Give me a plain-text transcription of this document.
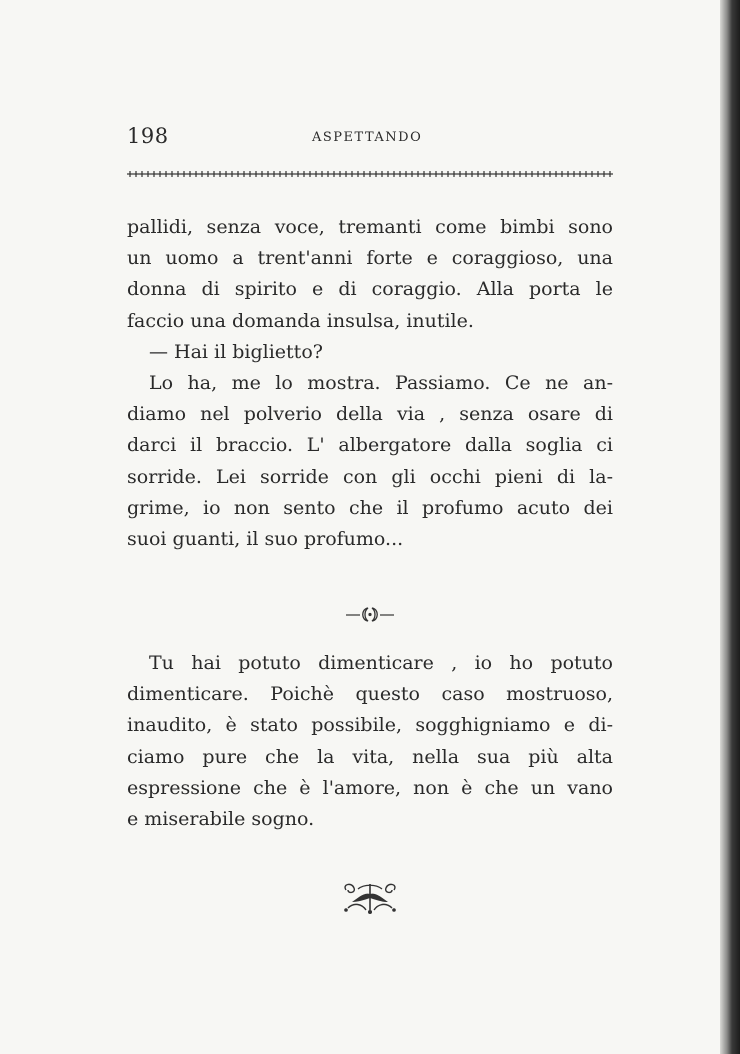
198	ASPETTANDO
pallidi, senza voce, tremanti come bimbi sono
un uomo a trent'anni forte e coraggioso, una
donna di spirito e di coraggio. Alla porta le
faccio una domanda insulsa, inutile.
— Hai il biglietto?
Lo ha, me lo mostra. Passiamo. Ce ne an-
diamo nel polverio della via , senza osare di
darci il braccio. L' albergatore dalla soglia ci
sorride. Lei sorride con gli occhi pieni di la-
grime, io non sento che il profumo acuto dei
suoi guanti, il suo profumo...
Tu hai potuto dimenticare , io ho potuto
dimenticare. Poichè questo caso mostruoso,
inaudito, è stato possibile, sogghigniamo e di-
ciamo pure che la vita, nella sua più alta
espressione che è l'amore, non è che un vano
e miserabile sogno.
